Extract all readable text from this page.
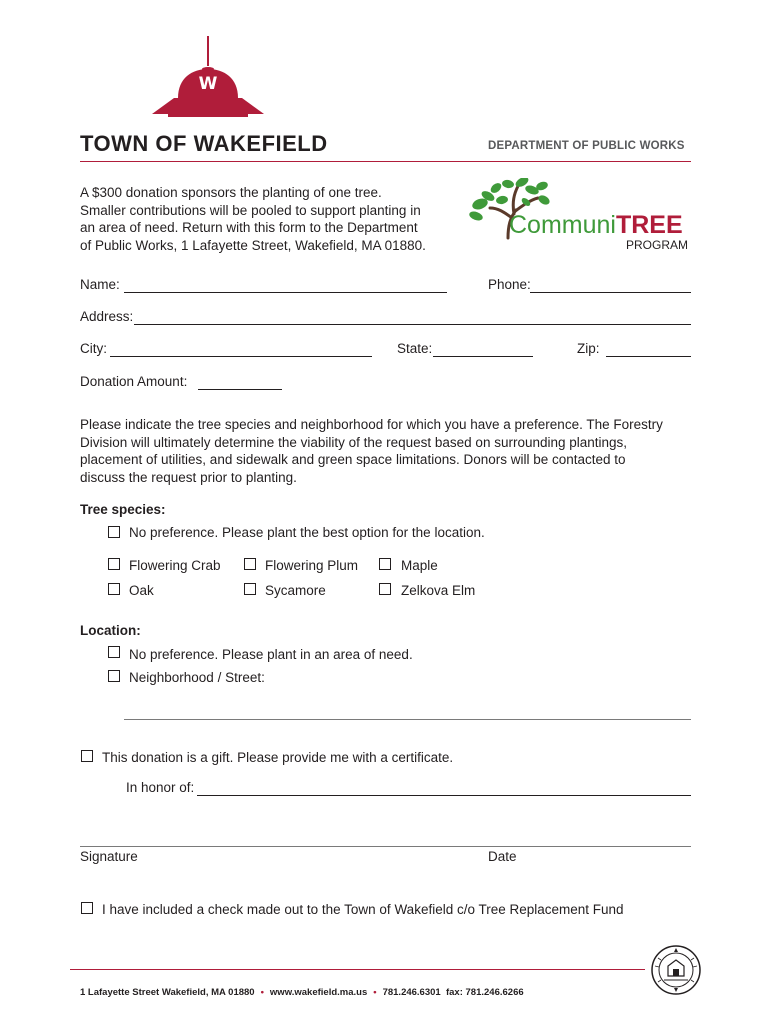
W
TOWN OF WAKEFIELD	DEPARTMENT OF PUBLIC WORKS
A $300 donation sponsors the planting of one tree.
Smaller contributions will be pooled to support planting in
an area of need. Return with this form to the Department
of Public Works, 1 Lafayette Street, Wakefield, MA 01880.
CommuniTREE
PROGRAM
Name:	Phone:
Address:
City:	State:	Zip:
Donation Amount:
Please indicate the tree species and neighborhood for which you have a preference. The Forestry
Division will ultimately determine the viability of the request based on surrounding plantings,
placement of utilities, and sidewalk and green space limitations. Donors will be contacted to
discuss the request prior to planting.
Tree species:
No preference. Please plant the best option for the location.
Flowering Crab	Flowering Plum	Maple
Oak	Sycamore	Zelkova Elm
Location:
No preference. Please plant in an area of need.
Neighborhood / Street:
This donation is a gift. Please provide me with a certificate.
In honor of:
Signature	Date
I have included a check made out to the Town of Wakefield c/o Tree Replacement Fund
1 Lafayette Street Wakefield, MA 01880 • www.wakefield.ma.us • 781.246.6301 fax: 781.246.6266
